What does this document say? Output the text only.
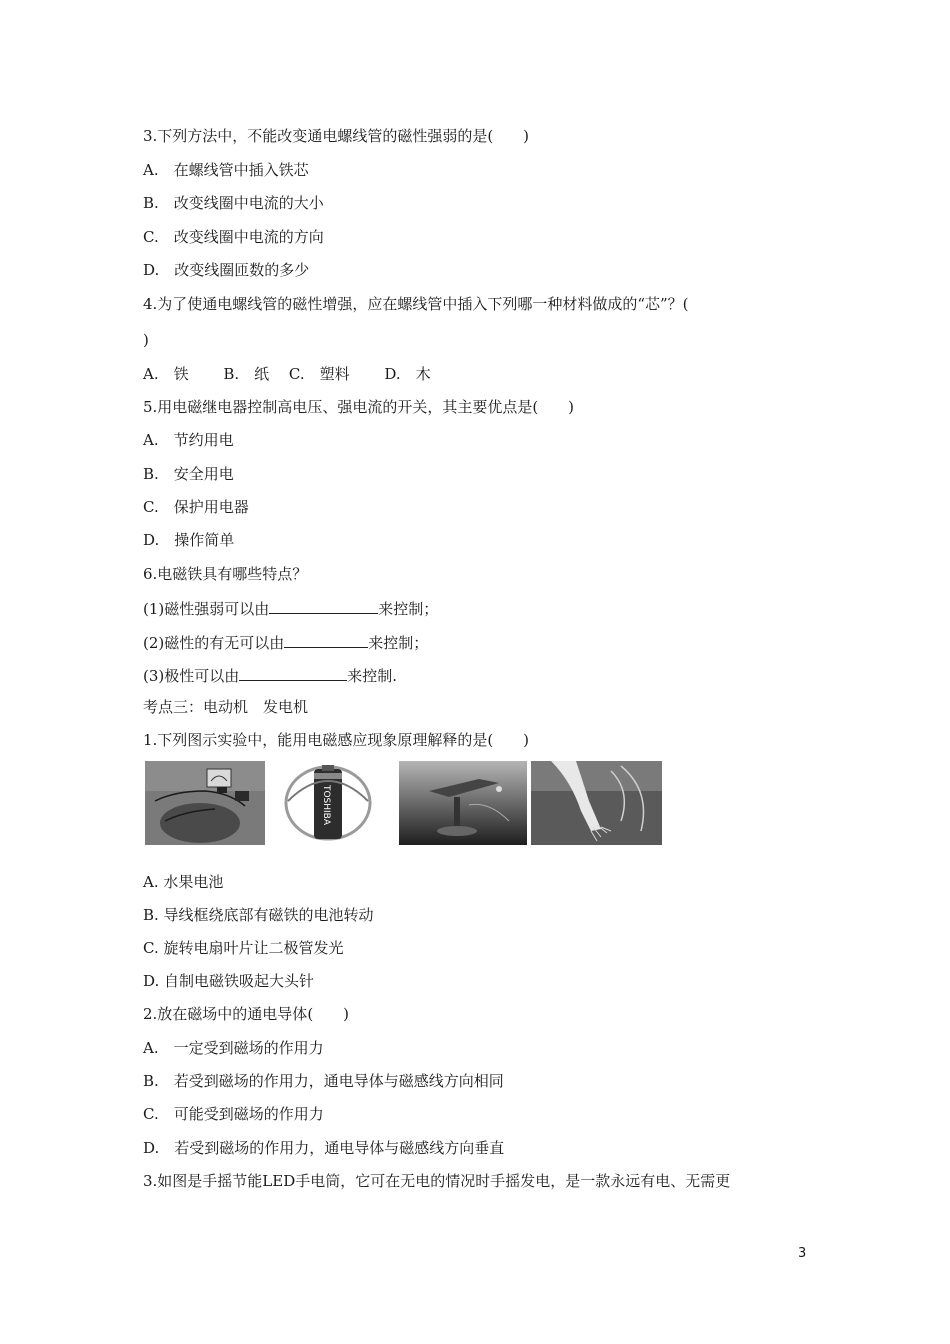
3.下列方法中，不能改变通电螺线管的磁性强弱的是(　　)
A.　在螺线管中插入铁芯
B.　改变线圈中电流的大小
C.　改变线圈中电流的方向
D.　改变线圈匝数的多少
4.为了使通电螺线管的磁性增强，应在螺线管中插入下列哪一种材料做成的“芯”？(
)
A.　铁　　 B.　纸　 C.　塑料　　 D.　木
5.用电磁继电器控制高电压、强电流的开关，其主要优点是(　　)
A.　节约用电
B.　安全用电
C.　保护用电器
D.　操作简单
6.电磁铁具有哪些特点？
(1)磁性强弱可以由	来控制；
(2)磁性的有无可以由	来控制；
(3)极性可以由	来控制.
考点三：电动机　发电机
1.下列图示实验中，能用电磁感应现象原理解释的是(　　)
TOSHIBA
A. 水果电池
B. 导线框绕底部有磁铁的电池转动
C. 旋转电扇叶片让二极管发光
D. 自制电磁铁吸起大头针
2.放在磁场中的通电导体(　　)
A.　一定受到磁场的作用力
B.　若受到磁场的作用力，通电导体与磁感线方向相同
C.　可能受到磁场的作用力
D.　若受到磁场的作用力，通电导体与磁感线方向垂直
3.如图是手摇节能LED手电筒，它可在无电的情况时手摇发电，是一款永远有电、无需更
3
